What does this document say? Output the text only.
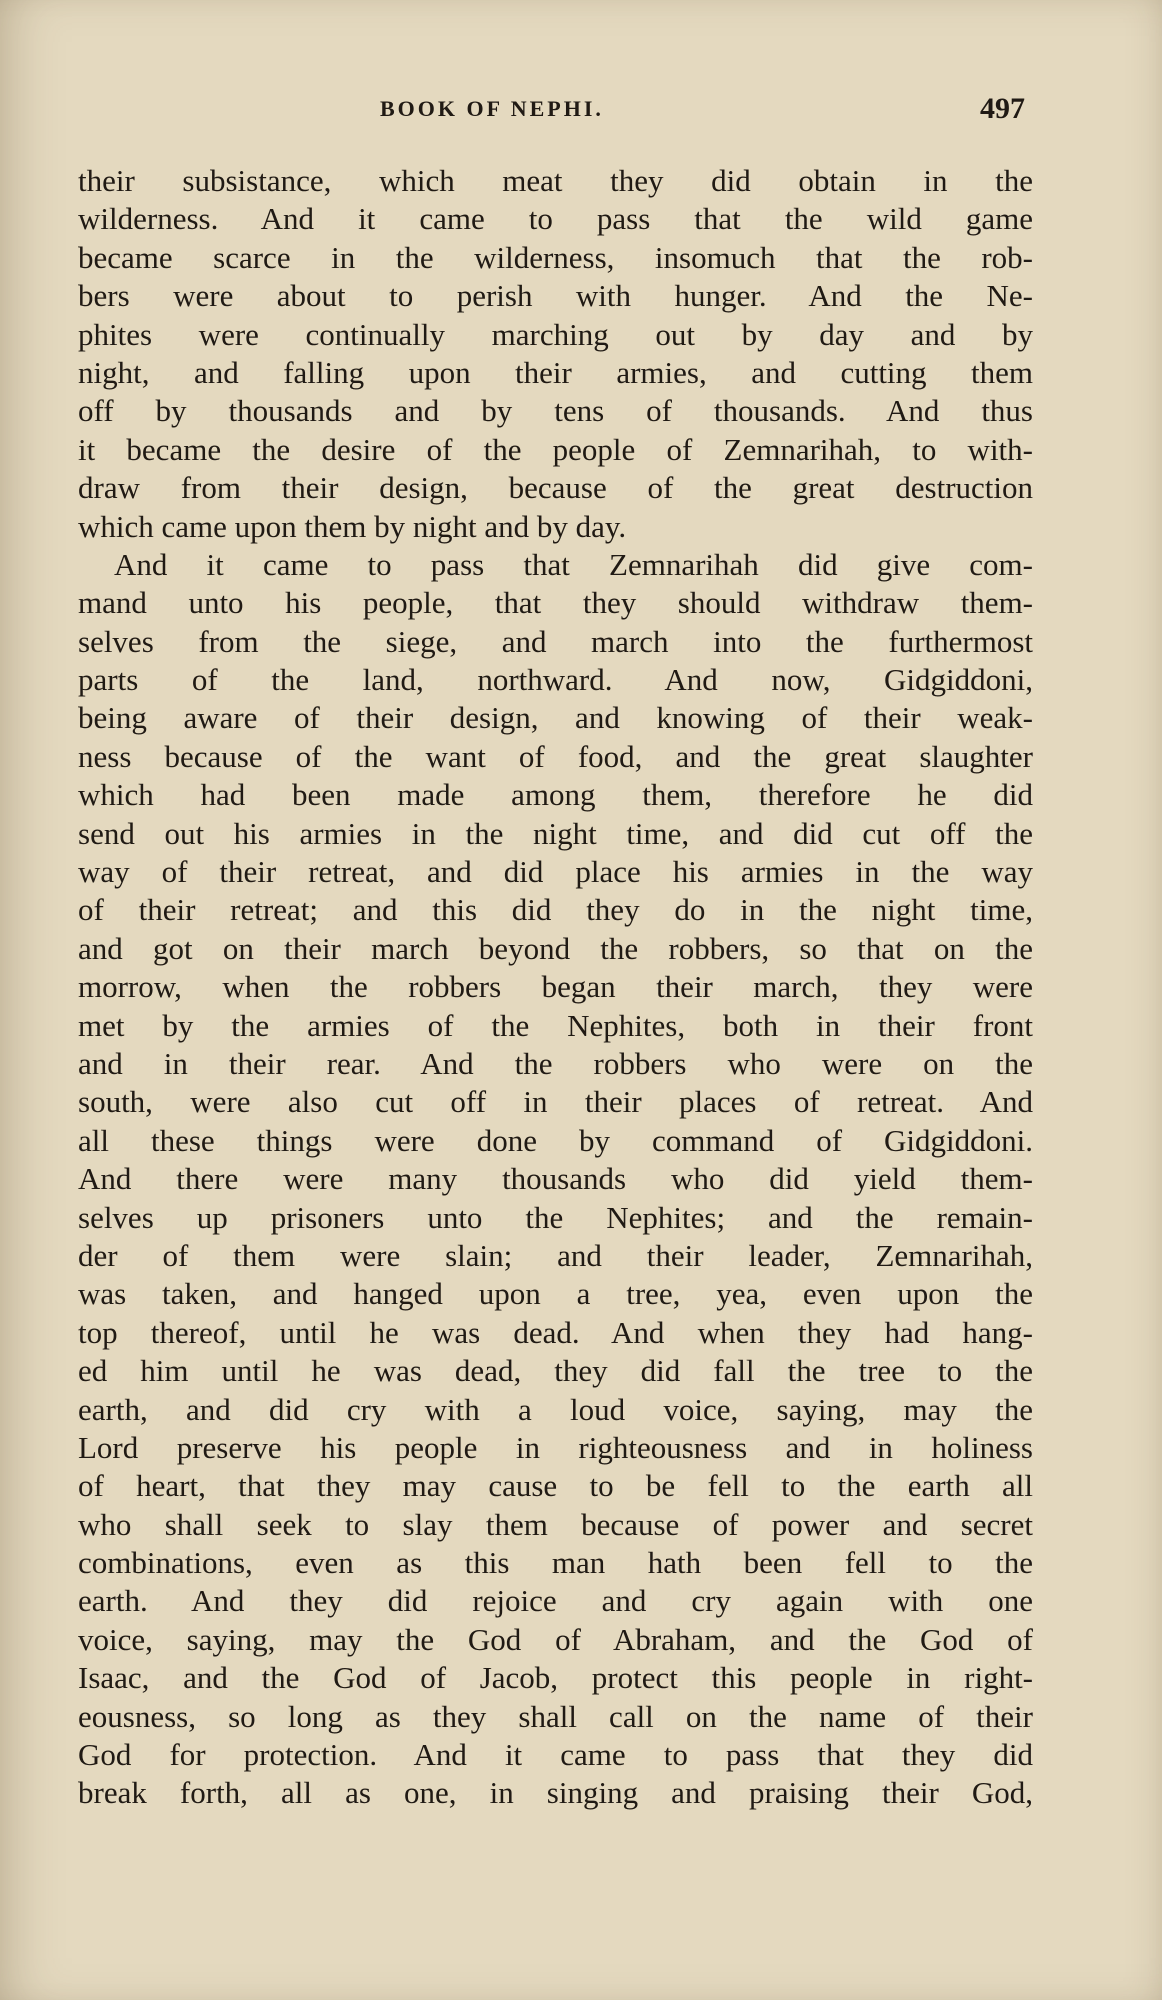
BOOK OF NEPHI.	497
their subsistance, which meat they did obtain in the
wilderness. And it came to pass that the wild game
became scarce in the wilderness, insomuch that the rob-
bers were about to perish with hunger. And the Ne-
phites were continually marching out by day and by
night, and falling upon their armies, and cutting them
off by thousands and by tens of thousands. And thus
it became the desire of the people of Zemnarihah, to with-
draw from their design, because of the great destruction
which came upon them by night and by day.
And it came to pass that Zemnarihah did give com-
mand unto his people, that they should withdraw them-
selves from the siege, and march into the furthermost
parts of the land, northward. And now, Gidgiddoni,
being aware of their design, and knowing of their weak-
ness because of the want of food, and the great slaughter
which had been made among them, therefore he did
send out his armies in the night time, and did cut off the
way of their retreat, and did place his armies in the way
of their retreat; and this did they do in the night time,
and got on their march beyond the robbers, so that on the
morrow, when the robbers began their march, they were
met by the armies of the Nephites, both in their front
and in their rear. And the robbers who were on the
south, were also cut off in their places of retreat. And
all these things were done by command of Gidgiddoni.
And there were many thousands who did yield them-
selves up prisoners unto the Nephites; and the remain-
der of them were slain; and their leader, Zemnarihah,
was taken, and hanged upon a tree, yea, even upon the
top thereof, until he was dead. And when they had hang-
ed him until he was dead, they did fall the tree to the
earth, and did cry with a loud voice, saying, may the
Lord preserve his people in righteousness and in holiness
of heart, that they may cause to be fell to the earth all
who shall seek to slay them because of power and secret
combinations, even as this man hath been fell to the
earth. And they did rejoice and cry again with one
voice, saying, may the God of Abraham, and the God of
Isaac, and the God of Jacob, protect this people in right-
eousness, so long as they shall call on the name of their
God for protection. And it came to pass that they did
break forth, all as one, in singing and praising their God,
